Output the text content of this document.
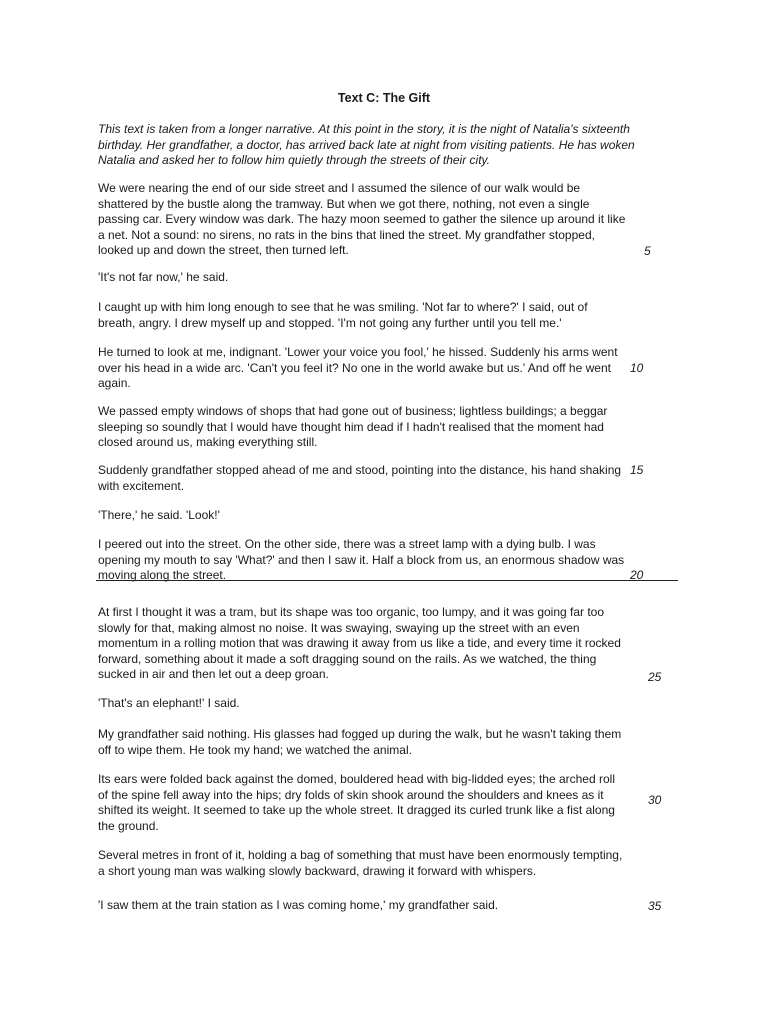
Text C: The Gift
This text is taken from a longer narrative. At this point in the story, it is the night of Natalia's sixteenth birthday. Her grandfather, a doctor, has arrived back late at night from visiting patients. He has woken Natalia and asked her to follow him quietly through the streets of their city.
We were nearing the end of our side street and I assumed the silence of our walk would be shattered by the bustle along the tramway. But when we got there, nothing, not even a single passing car. Every window was dark. The hazy moon seemed to gather the silence up around it like a net. Not a sound: no sirens, no rats in the bins that lined the street. My grandfather stopped, looked up and down the street, then turned left.
'It's not far now,' he said.
I caught up with him long enough to see that he was smiling. 'Not far to where?' I said, out of breath, angry. I drew myself up and stopped. 'I'm not going any further until you tell me.'
He turned to look at me, indignant. 'Lower your voice you fool,' he hissed. Suddenly his arms went over his head in a wide arc. 'Can't you feel it? No one in the world awake but us.' And off he went again.
We passed empty windows of shops that had gone out of business; lightless buildings; a beggar sleeping so soundly that I would have thought him dead if I hadn't realised that the moment had closed around us, making everything still.
Suddenly grandfather stopped ahead of me and stood, pointing into the distance, his hand shaking with excitement.
'There,' he said. 'Look!'
I peered out into the street. On the other side, there was a street lamp with a dying bulb. I was opening my mouth to say 'What?' and then I saw it. Half a block from us, an enormous shadow was moving along the street.
At first I thought it was a tram, but its shape was too organic, too lumpy, and it was going far too slowly for that, making almost no noise. It was swaying, swaying up the street with an even momentum in a rolling motion that was drawing it away from us like a tide, and every time it rocked forward, something about it made a soft dragging sound on the rails. As we watched, the thing sucked in air and then let out a deep groan.
'That's an elephant!' I said.
My grandfather said nothing. His glasses had fogged up during the walk, but he wasn't taking them off to wipe them. He took my hand; we watched the animal.
Its ears were folded back against the domed, bouldered head with big-lidded eyes; the arched roll of the spine fell away into the hips; dry folds of skin shook around the shoulders and knees as it shifted its weight. It seemed to take up the whole street. It dragged its curled trunk like a fist along the ground.
Several metres in front of it, holding a bag of something that must have been enormously tempting, a short young man was walking slowly backward, drawing it forward with whispers.
'I saw them at the train station as I was coming home,' my grandfather said.
5
10
15
20
25
30
35
